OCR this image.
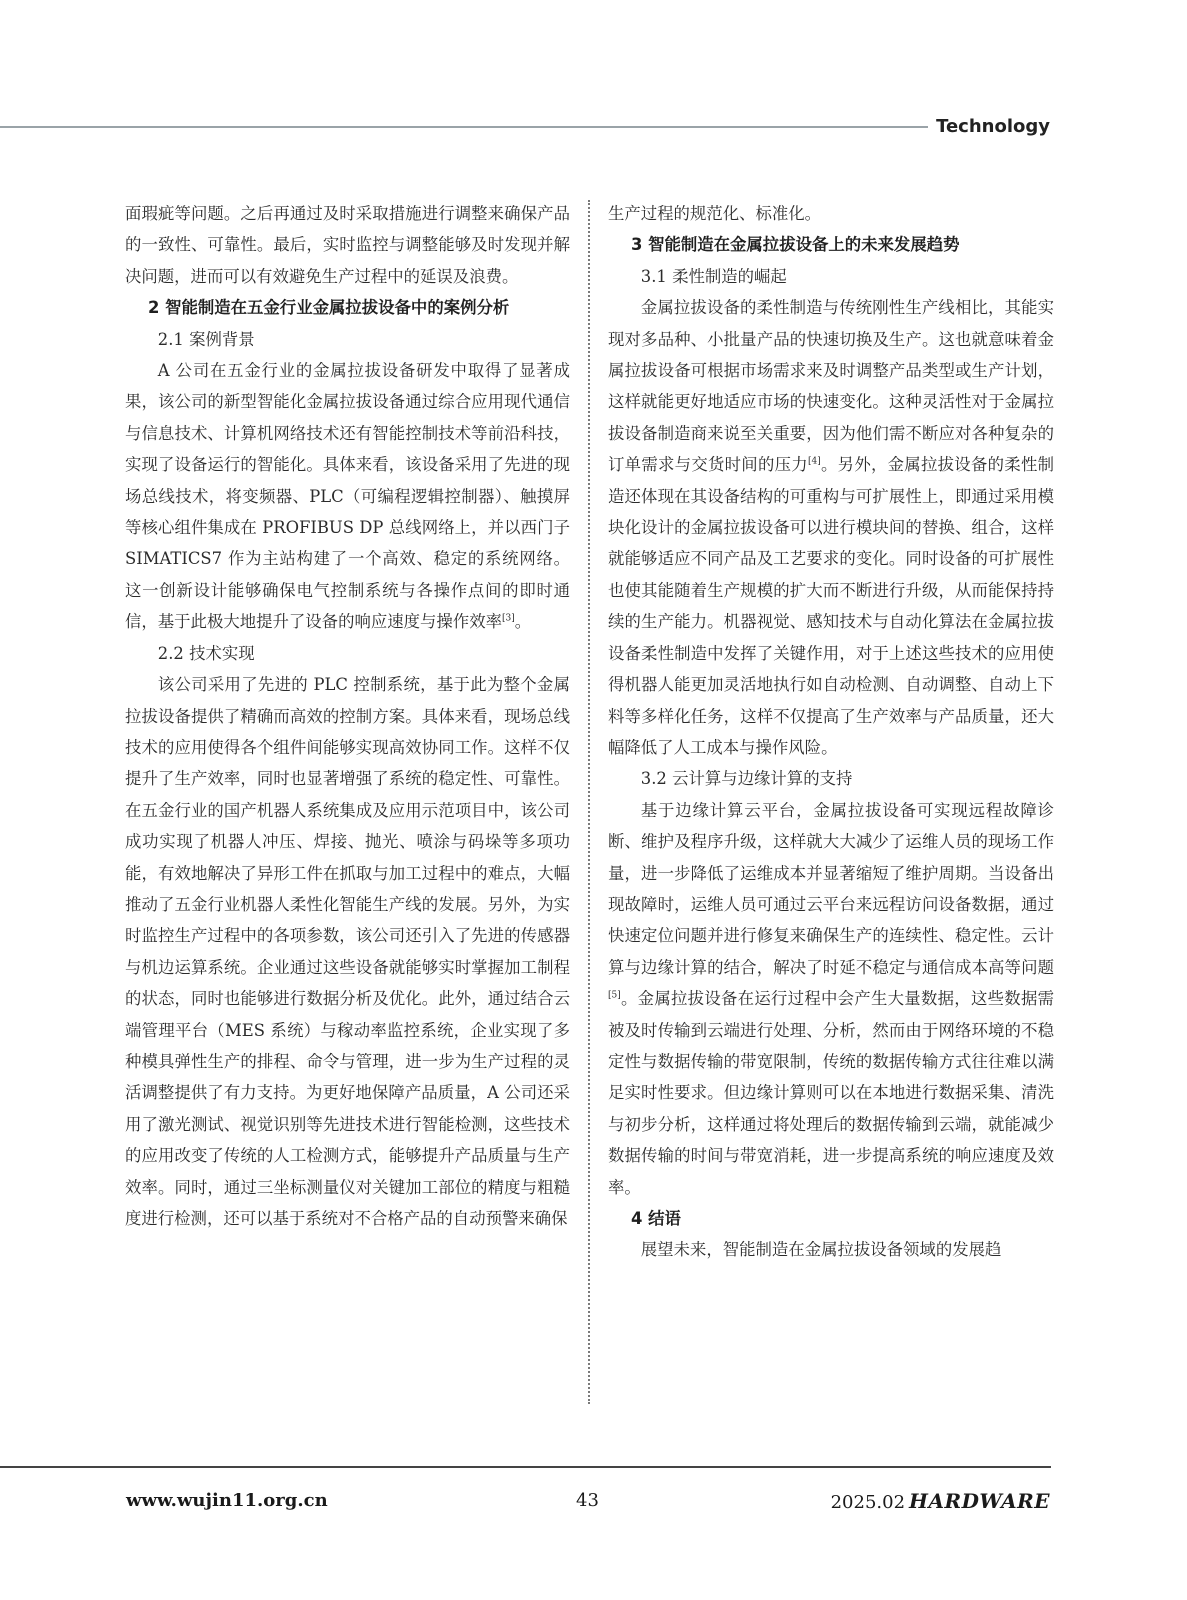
Technology

面瑕疵等问题。之后再通过及时采取措施进行调整来确保产品的一致性、可靠性。最后，实时监控与调整能够及时发现并解决问题，进而可以有效避免生产过程中的延误及浪费。

2 智能制造在五金行业金属拉拔设备中的案例分析
2.1 案例背景

A 公司在五金行业的金属拉拔设备研发中取得了显著成果，该公司的新型智能化金属拉拔设备通过综合应用现代通信与信息技术、计算机网络技术还有智能控制技术等前沿科技，实现了设备运行的智能化。具体来看，该设备采用了先进的现场总线技术，将变频器、PLC（可编程逻辑控制器）、触摸屏等核心组件集成在 PROFIBUS DP 总线网络上，并以西门子 SIMATICS7 作为主站构建了一个高效、稳定的系统网络。这一创新设计能够确保电气控制系统与各操作点间的即时通信，基于此极大地提升了设备的响应速度与操作效率[3]。

2.2 技术实现

该公司采用了先进的 PLC 控制系统，基于此为整个金属拉拔设备提供了精确而高效的控制方案。具体来看，现场总线技术的应用使得各个组件间能够实现高效协同工作。这样不仅提升了生产效率，同时也显著增强了系统的稳定性、可靠性。在五金行业的国产机器人系统集成及应用示范项目中，该公司成功实现了机器人冲压、焊接、抛光、喷涂与码垛等多项功能，有效地解决了异形工件在抓取与加工过程中的难点，大幅推动了五金行业机器人柔性化智能生产线的发展。另外，为实时监控生产过程中的各项参数，该公司还引入了先进的传感器与机边运算系统。企业通过这些设备就能够实时掌握加工制程的状态，同时也能够进行数据分析及优化。此外，通过结合云端管理平台（MES 系统）与稼动率监控系统，企业实现了多种模具弹性生产的排程、命令与管理，进一步为生产过程的灵活调整提供了有力支持。为更好地保障产品质量，A 公司还采用了激光测试、视觉识别等先进技术进行智能检测，这些技术的应用改变了传统的人工检测方式，能够提升产品质量与生产效率。同时，通过三坐标测量仪对关键加工部位的精度与粗糙度进行检测，还可以基于系统对不合格产品的自动预警来确保

生产过程的规范化、标准化。

3 智能制造在金属拉拔设备上的未来发展趋势
3.1 柔性制造的崛起

金属拉拔设备的柔性制造与传统刚性生产线相比，其能实现对多品种、小批量产品的快速切换及生产。这也就意味着金属拉拔设备可根据市场需求来及时调整产品类型或生产计划，这样就能更好地适应市场的快速变化。这种灵活性对于金属拉拔设备制造商来说至关重要，因为他们需不断应对各种复杂的订单需求与交货时间的压力[4]。另外，金属拉拔设备的柔性制造还体现在其设备结构的可重构与可扩展性上，即通过采用模块化设计的金属拉拔设备可以进行模块间的替换、组合，这样就能够适应不同产品及工艺要求的变化。同时设备的可扩展性也使其能随着生产规模的扩大而不断进行升级，从而能保持持续的生产能力。机器视觉、感知技术与自动化算法在金属拉拔设备柔性制造中发挥了关键作用，对于上述这些技术的应用使得机器人能更加灵活地执行如自动检测、自动调整、自动上下料等多样化任务，这样不仅提高了生产效率与产品质量，还大幅降低了人工成本与操作风险。

3.2 云计算与边缘计算的支持

基于边缘计算云平台，金属拉拔设备可实现远程故障诊断、维护及程序升级，这样就大大减少了运维人员的现场工作量，进一步降低了运维成本并显著缩短了维护周期。当设备出现故障时，运维人员可通过云平台来远程访问设备数据，通过快速定位问题并进行修复来确保生产的连续性、稳定性。云计算与边缘计算的结合，解决了时延不稳定与通信成本高等问题[5]。金属拉拔设备在运行过程中会产生大量数据，这些数据需被及时传输到云端进行处理、分析，然而由于网络环境的不稳定性与数据传输的带宽限制，传统的数据传输方式往往难以满足实时性要求。但边缘计算则可以在本地进行数据采集、清洗与初步分析，这样通过将处理后的数据传输到云端，就能减少数据传输的时间与带宽消耗，进一步提高系统的响应速度及效率。

4 结语

展望未来，智能制造在金属拉拔设备领域的发展趋

www.wujin11.org.cn	43	2025.02 HARDWARE
